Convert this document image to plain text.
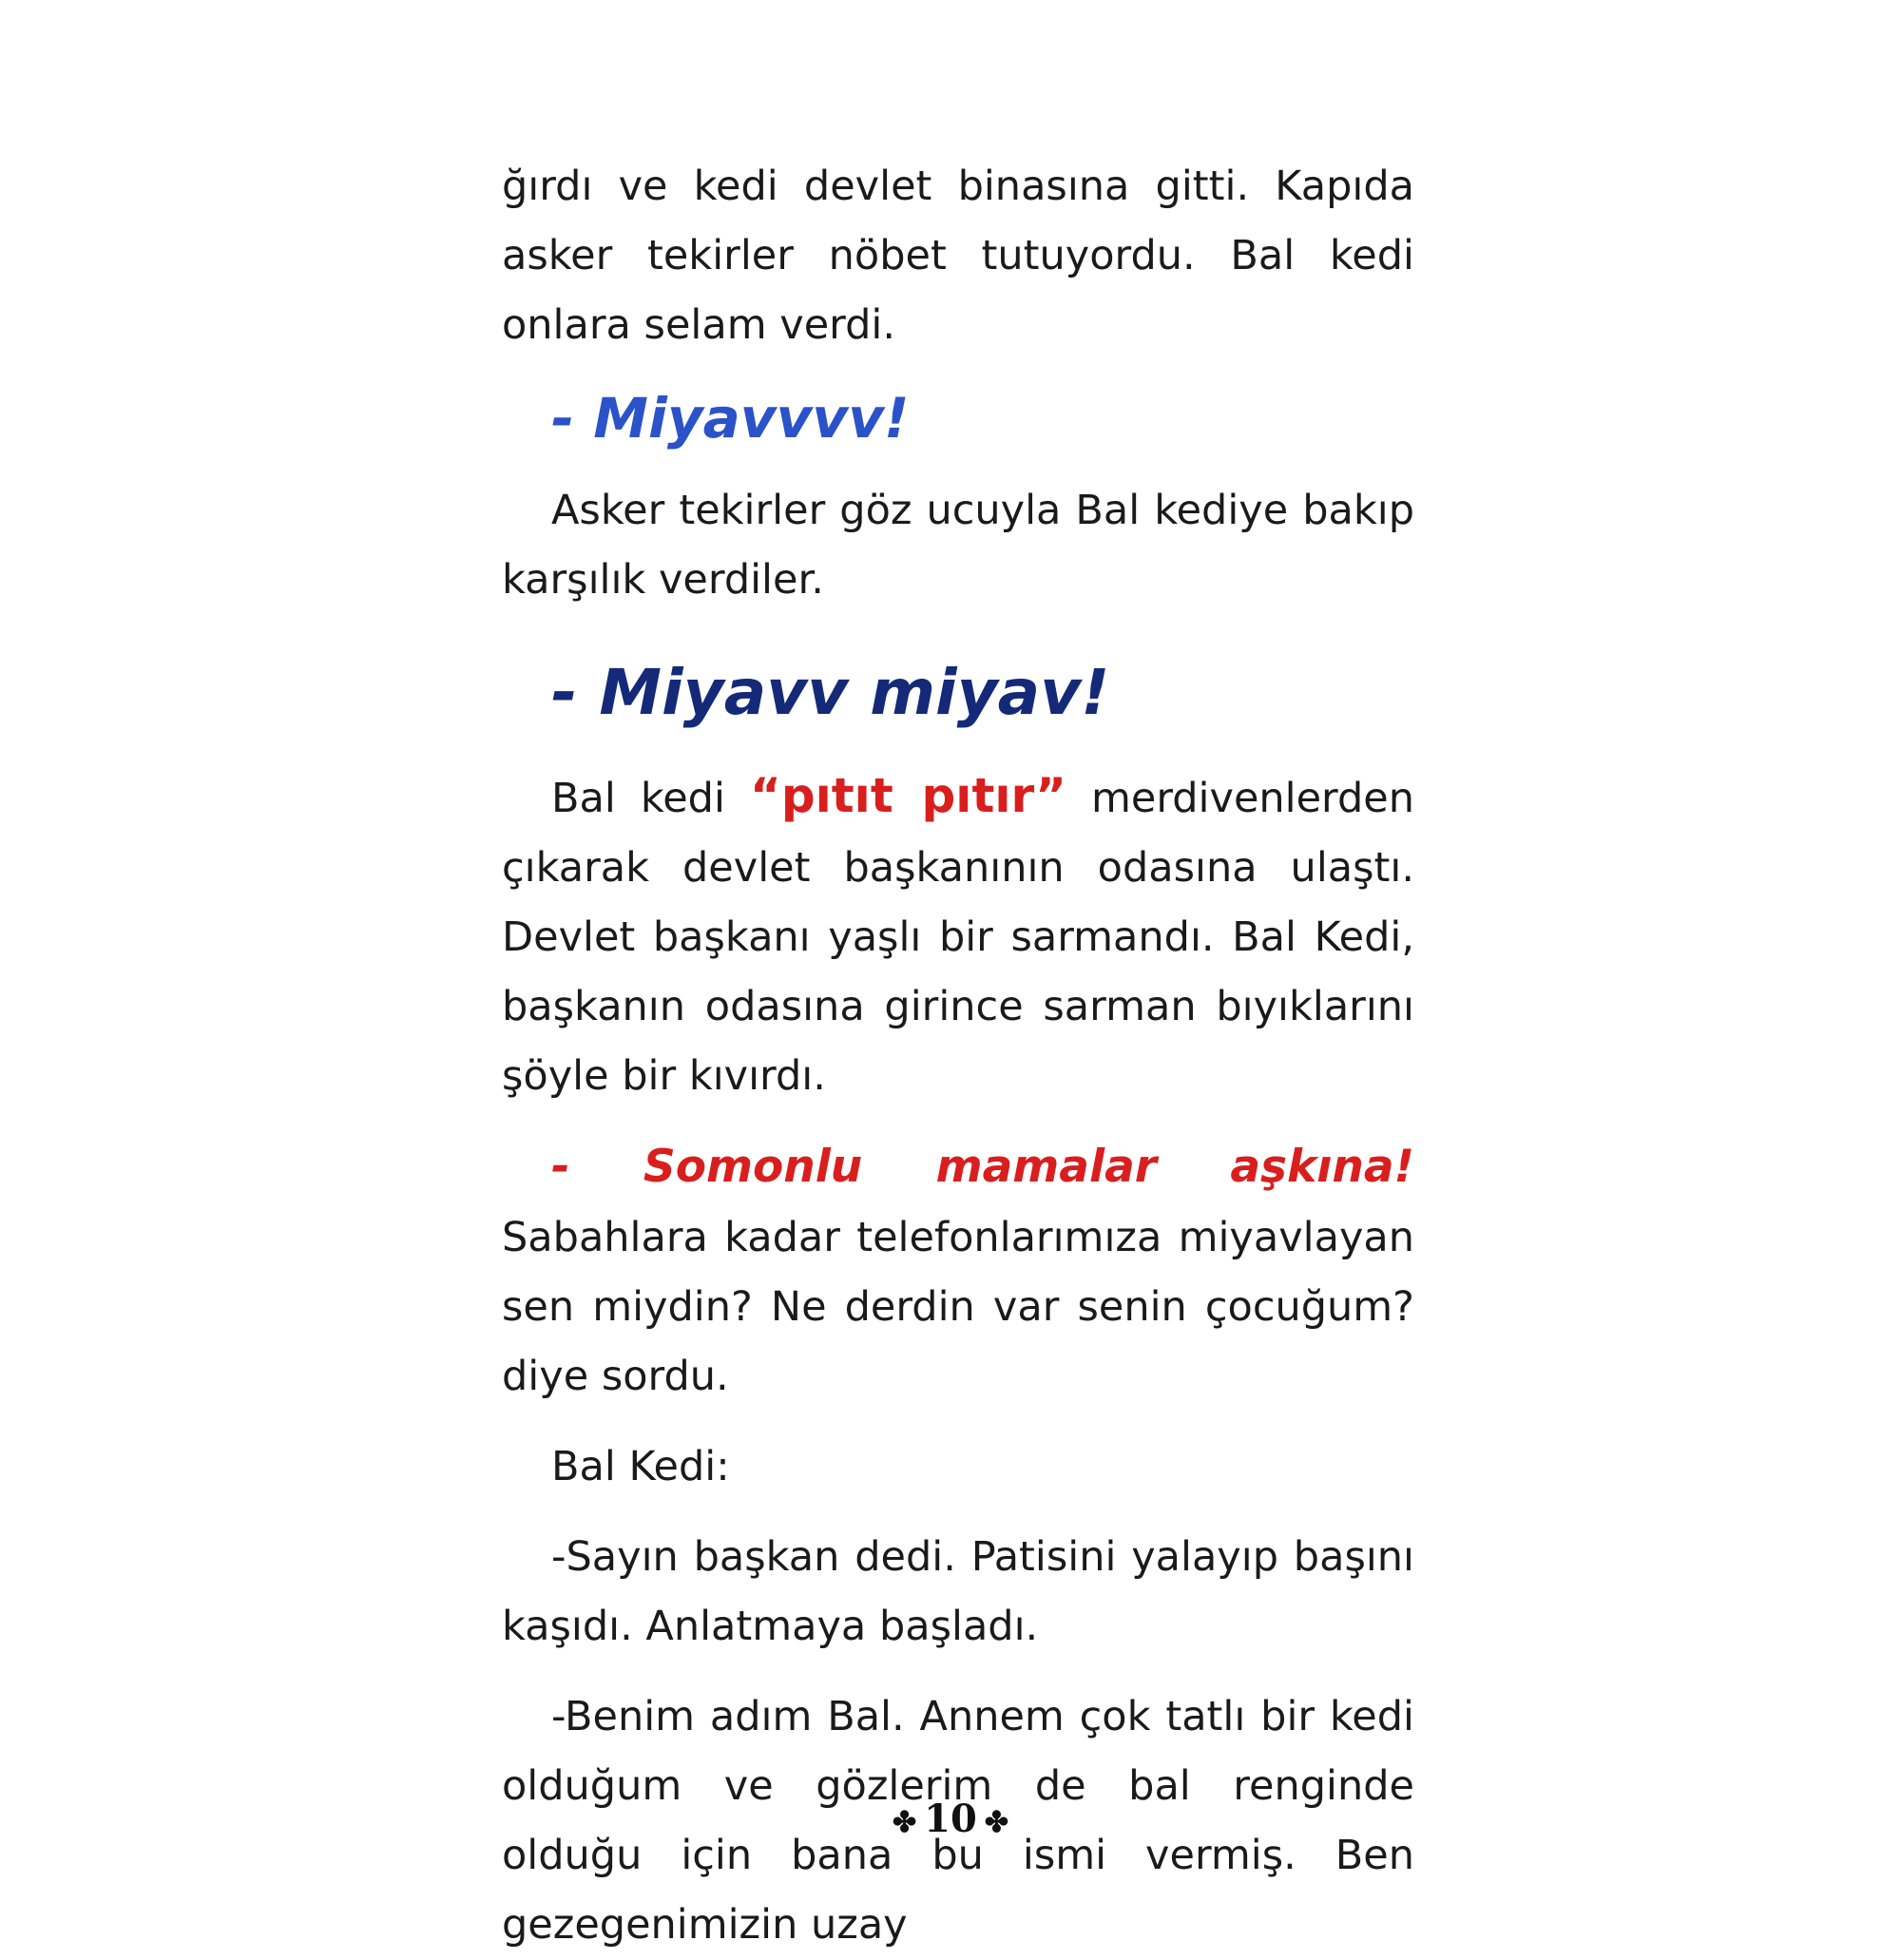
ğırdı ve kedi devlet binasına gitti. Kapıda asker tekirler nöbet tutuyordu. Bal kedi onlara selam verdi.

- Miyavvvv!

Asker tekirler göz ucuyla Bal kediye bakıp karşılık verdiler.

- Miyavv miyav!

Bal kedi “pıtıt pıtır” merdivenlerden çıkarak devlet başkanının odasına ulaştı. Devlet başkanı yaşlı bir sarmandı. Bal Kedi, başkanın odasına girince sarman bıyıklarını şöyle bir kıvırdı.

- Somonlu mamalar aşkına! Sabahlara kadar telefonlarımıza miyavlayan sen miydin? Ne derdin var senin çocuğum? diye sordu.

Bal Kedi:

-Sayın başkan dedi. Patisini yalayıp başını kaşıdı. Anlatmaya başladı.

-Benim adım Bal. Annem çok tatlı bir kedi olduğum ve gözlerim de bal renginde olduğu için bana bu ismi vermiş. Ben gezegenimizin uzay

✤ 10 ✤
